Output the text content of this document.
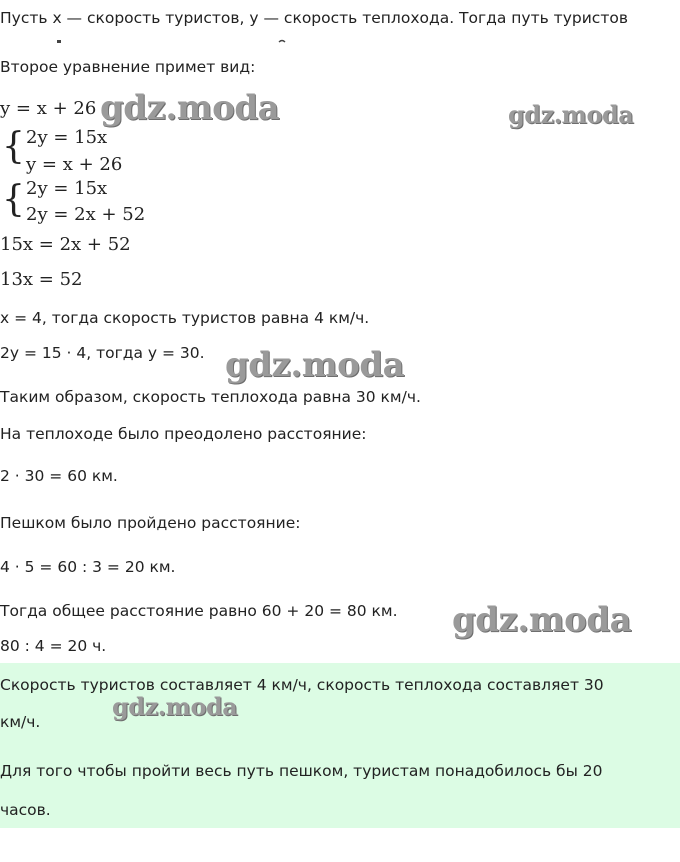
Пусть x — скорость туристов, y — скорость теплохода. Тогда путь туристов
Второе уравнение примет вид:
y = x + 26
{ 2y = 15x
y = x + 26
{ 2y = 15x
2y = 2x + 52
15x = 2x + 52
13x = 52
x = 4, тогда скорость туристов равна 4 км/ч.
2y = 15 · 4, тогда y = 30.
Таким образом, скорость теплохода равна 30 км/ч.
На теплоходе было преодолено расстояние:
2 · 30 = 60 км.
Пешком было пройдено расстояние:
4 · 5 = 60 : 3 = 20 км.
Тогда общее расстояние равно 60 + 20 = 80 км.
80 : 4 = 20 ч.
Скорость туристов составляет 4 км/ч, скорость теплохода составляет 30
км/ч.
Для того чтобы пройти весь путь пешком, туристам понадобилось бы 20
часов.
gdz.moda	gdz.moda
gdz.moda
gdz.moda
gdz.moda
